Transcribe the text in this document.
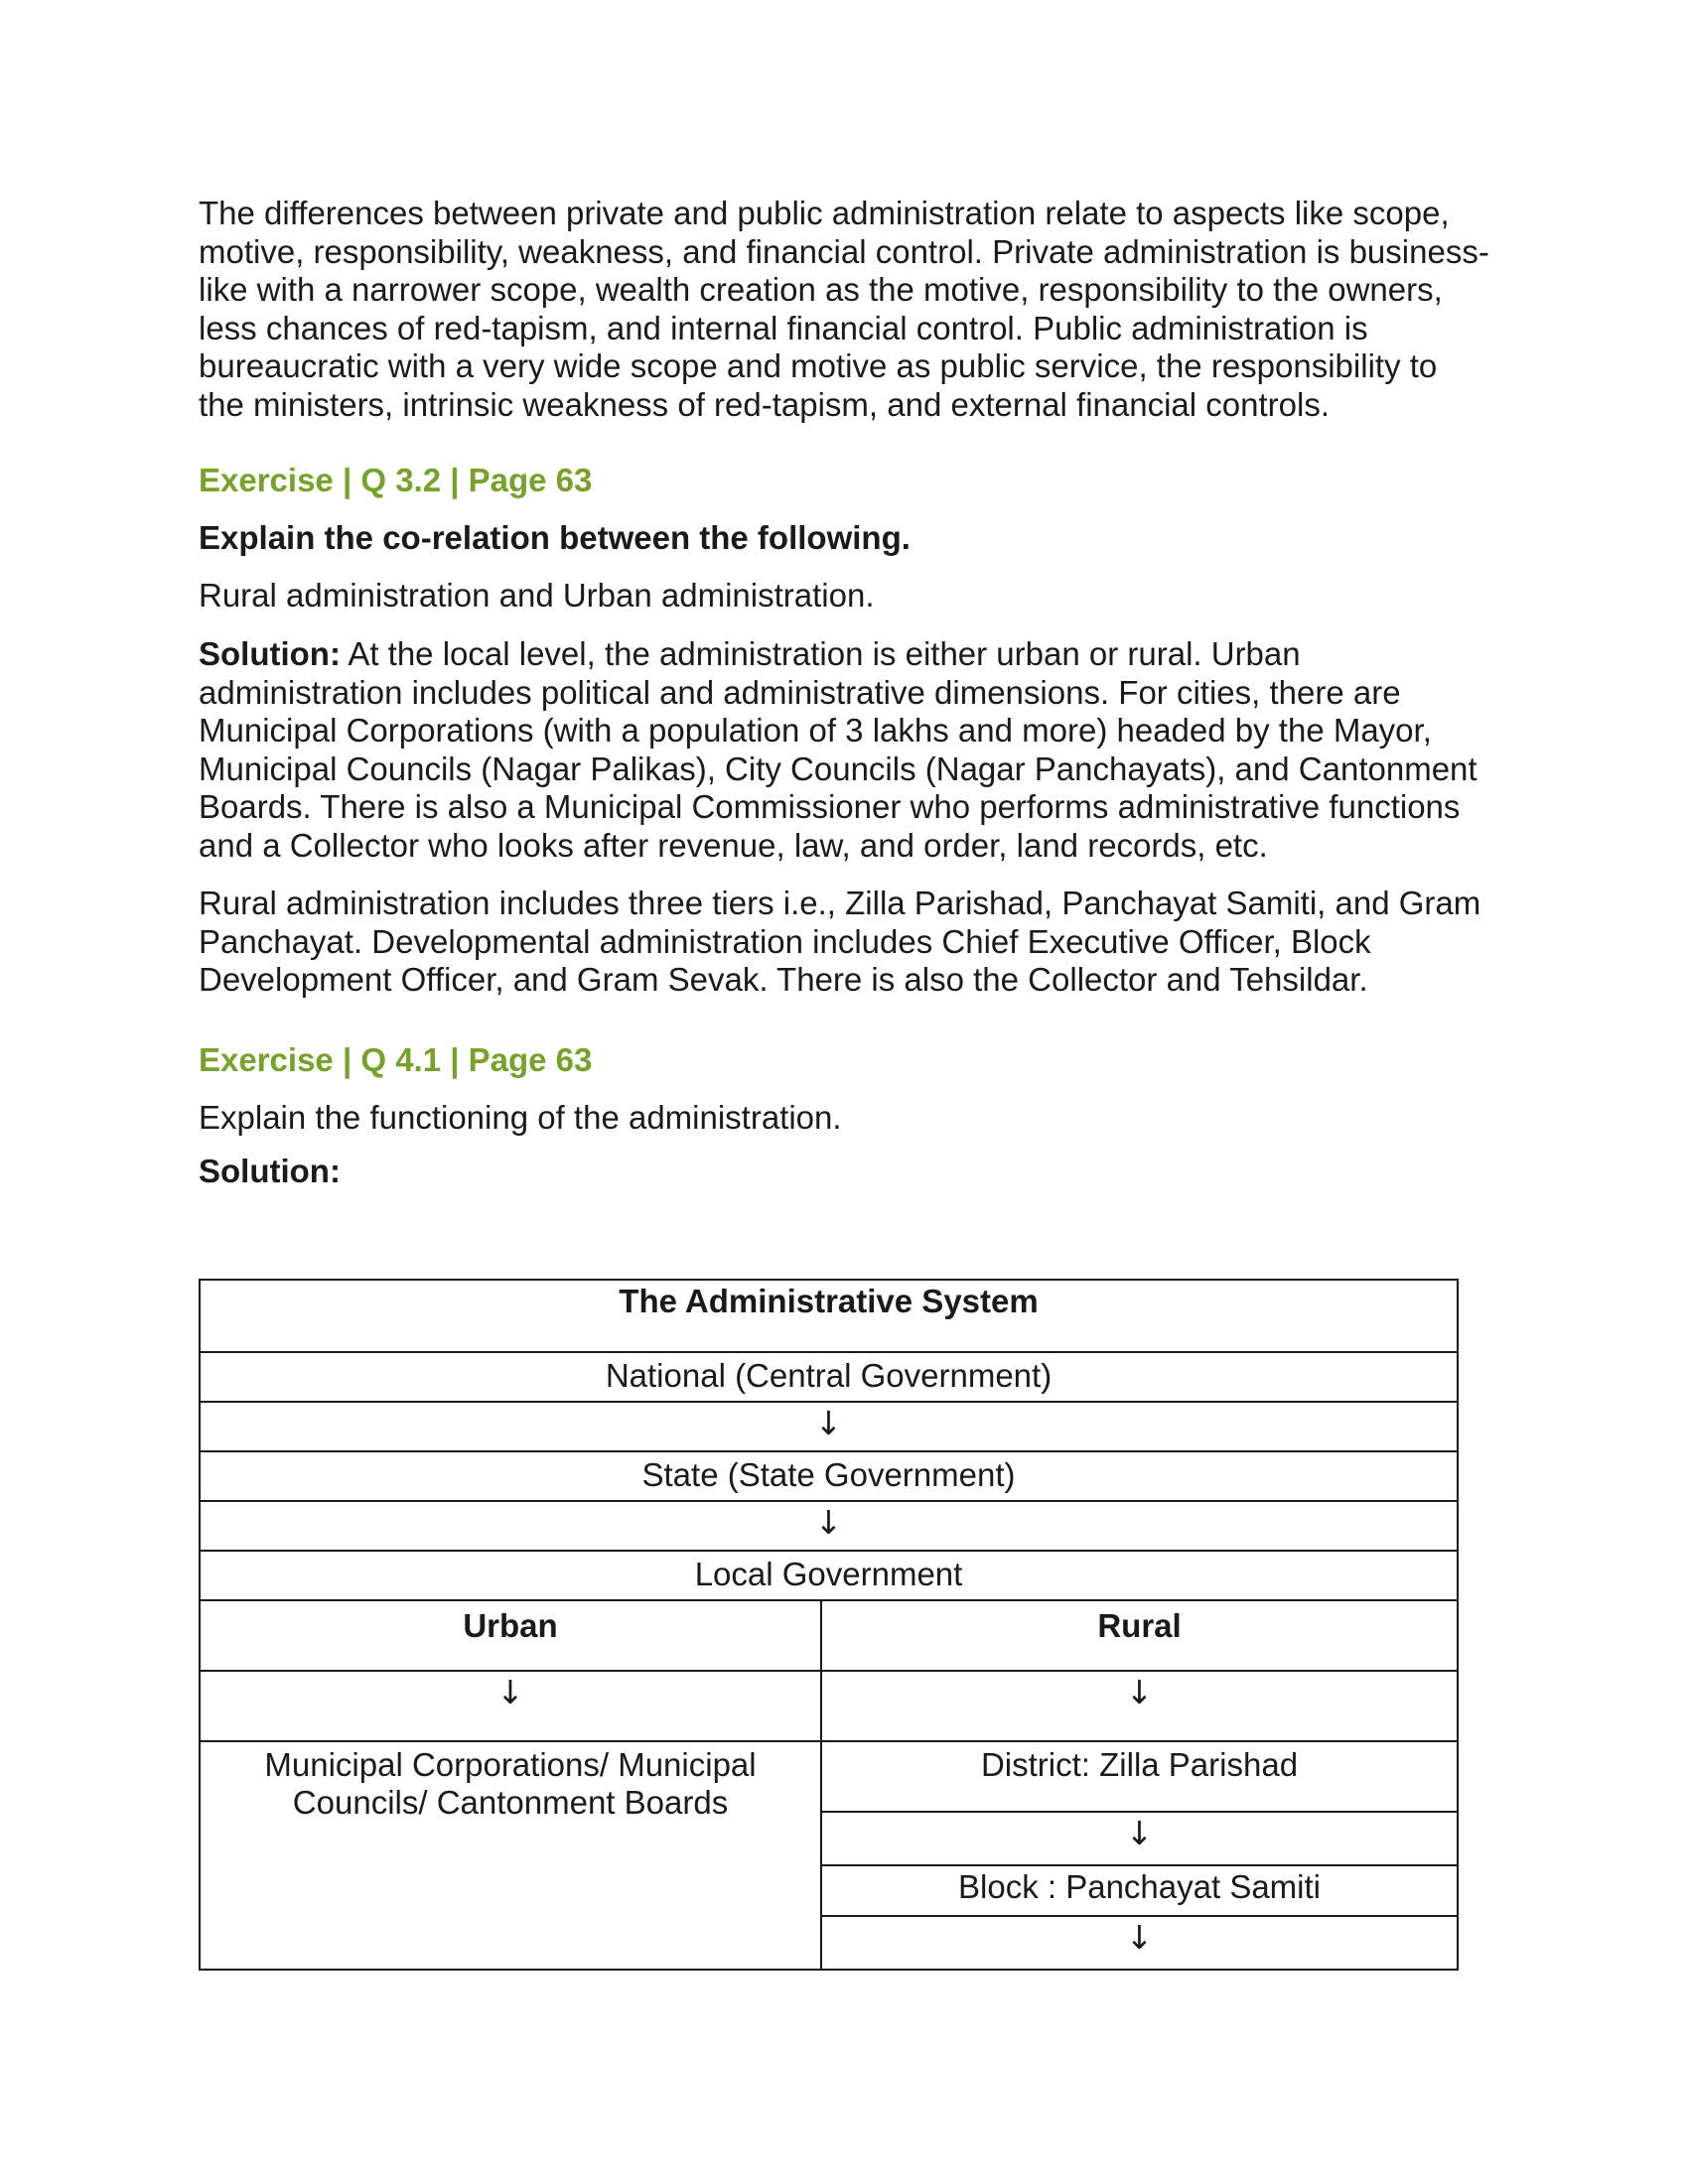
The differences between private and public administration relate to aspects like scope, motive, responsibility, weakness, and financial control. Private administration is business-like with a narrower scope, wealth creation as the motive, responsibility to the owners, less chances of red-tapism, and internal financial control. Public administration is bureaucratic with a very wide scope and motive as public service, the responsibility to the ministers, intrinsic weakness of red-tapism, and external financial controls.

Exercise | Q 3.2 | Page 63

Explain the co-relation between the following.

Rural administration and Urban administration.

Solution: At the local level, the administration is either urban or rural. Urban administration includes political and administrative dimensions. For cities, there are Municipal Corporations (with a population of 3 lakhs and more) headed by the Mayor, Municipal Councils (Nagar Palikas), City Councils (Nagar Panchayats), and Cantonment Boards. There is also a Municipal Commissioner who performs administrative functions and a Collector who looks after revenue, law, and order, land records, etc.

Rural administration includes three tiers i.e., Zilla Parishad, Panchayat Samiti, and Gram Panchayat. Developmental administration includes Chief Executive Officer, Block Development Officer, and Gram Sevak. There is also the Collector and Tehsildar.

Exercise | Q 4.1 | Page 63

Explain the functioning of the administration.

Solution:

The Administrative System	

National (Central Government)	

↓	

State (State Government)	

↓	

Local Government	

Urban	Rural

↓	↓

Municipal Corporations/ Municipal Councils/ Cantonment Boards	District: Zilla Parishad

	↓

	Block : Panchayat Samiti

	↓
